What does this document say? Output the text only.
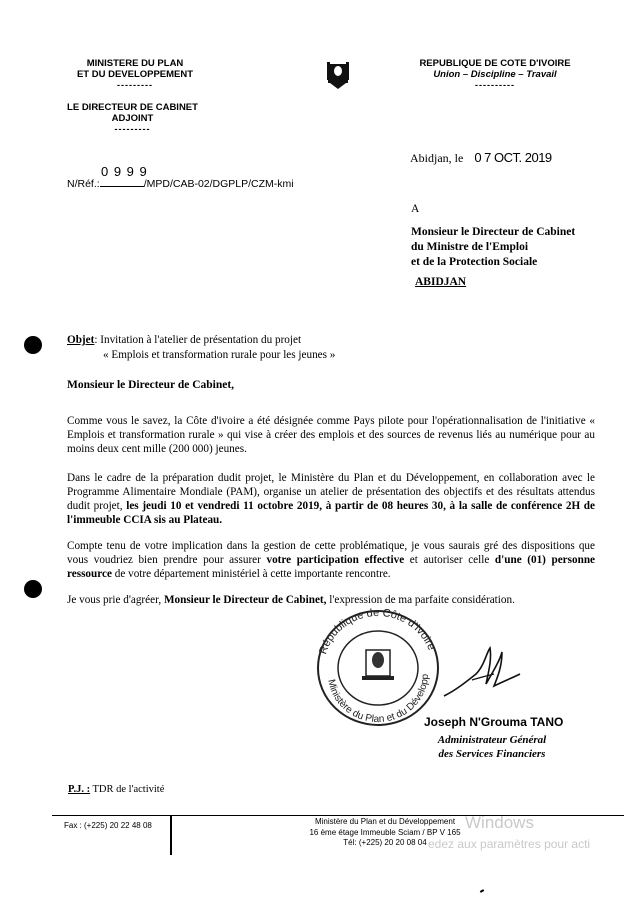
MINISTERE DU PLAN
ET DU DEVELOPPEMENT
---------
LE DIRECTEUR DE CABINET
ADJOINT
---------
REPUBLIQUE DE COTE D'IVOIRE
Union – Discipline – Travail
----------
Abidjan, le 0 7 OCT. 2019
0 9 9 9
N/Réf.:	/MPD/CAB-02/DGPLP/CZM-kmi
A
Monsieur le Directeur de Cabinet
du Ministre de l'Emploi
et de la Protection Sociale
ABIDJAN
Objet: Invitation à l'atelier de présentation du projet
« Emplois et transformation rurale pour les jeunes »
Monsieur le Directeur de Cabinet,
Comme vous le savez, la Côte d'ivoire a été désignée comme Pays pilote pour l'opérationnalisation de l'initiative « Emplois et transformation rurale » qui vise à créer des emplois et des sources de revenus liés au numérique pour au moins deux cent mille (200 000) jeunes.
Dans le cadre de la préparation dudit projet, le Ministère du Plan et du Développement, en collaboration avec le Programme Alimentaire Mondiale (PAM), organise un atelier de présentation des objectifs et des résultats attendus dudit projet, les jeudi 10 et vendredi 11 octobre 2019, à partir de 08 heures 30, à la salle de conférence 2H de l'immeuble CCIA sis au Plateau.
Compte tenu de votre implication dans la gestion de cette problématique, je vous saurais gré des dispositions que vous voudriez bien prendre pour assurer votre participation effective et autoriser celle d'une (01) personne ressource de votre département ministériel à cette importante rencontre.
Je vous prie d'agréer, Monsieur le Directeur de Cabinet, l'expression de ma parfaite considération.
République de Côte d'Ivoire
Ministère du Plan et du Développ
Joseph N'Grouma TANO
Administrateur Général
des Services Financiers
P.J. : TDR de l'activité
Fax : (+225) 20 22 48 08	Ministère du Plan et du Développement
16 ème étage Immeuble Sciam / BP V 165
Tél: (+225) 20 20 08 04
Windows
edez aux paramètres pour acti
